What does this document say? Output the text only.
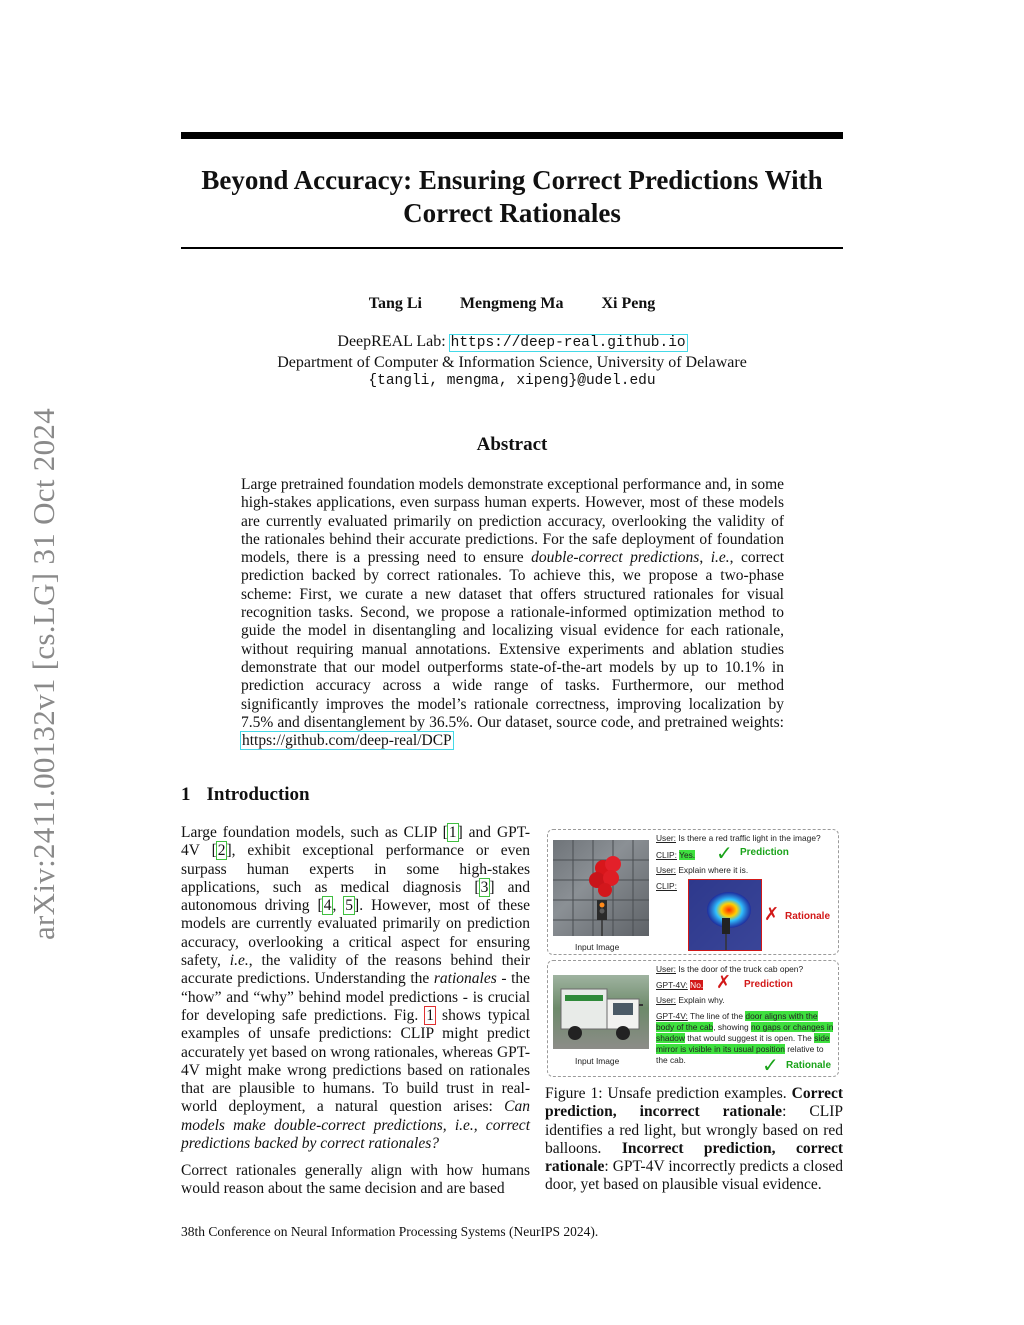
arXiv:2411.00132v1 [cs.LG] 31 Oct 2024
Beyond Accuracy: Ensuring Correct Predictions With Correct Rationales
Tang Li Mengmeng Ma Xi Peng
DeepREAL Lab: https://deep-real.github.io
Department of Computer & Information Science, University of Delaware
{tangli, mengma, xipeng}@udel.edu
Abstract

Large pretrained foundation models demonstrate exceptional performance and, in some high-stakes applications, even surpass human experts. However, most of these models are currently evaluated primarily on prediction accuracy, overlooking the validity of the rationales behind their accurate predictions. For the safe deployment of foundation models, there is a pressing need to ensure double-correct predictions, i.e., correct prediction backed by correct rationales. To achieve this, we propose a two-phase scheme: First, we curate a new dataset that offers structured rationales for visual recognition tasks. Second, we propose a rationale-informed optimization method to guide the model in disentangling and localizing visual evidence for each rationale, without requiring manual annotations. Extensive experiments and ablation studies demonstrate that our model outperforms state-of-the-art models by up to 10.1% in prediction accuracy across a wide range of tasks. Furthermore, our method significantly improves the model’s rationale correctness, improving localization by 7.5% and disentanglement by 36.5%. Our dataset, source code, and pretrained weights: https://github.com/deep-real/DCP

1 Introduction

Large foundation models, such as CLIP [1] and GPT-4V [2], exhibit exceptional performance or even surpass human experts in some high-stakes applications, such as medical diagnosis [3] and autonomous driving [4, 5]. However, most of these models are currently evaluated primarily on prediction accuracy, overlooking a critical aspect for ensuring safety, i.e., the validity of the reasons behind their accurate predictions. Understanding the rationales - the “how” and “why” behind model predictions - is crucial for developing safe predictions. Fig. 1 shows typical examples of unsafe predictions: CLIP might predict accurately yet based on wrong rationales, whereas GPT-4V might make wrong predictions based on rationales that are plausible to humans. To build trust in real-world deployment, a natural question arises: Can models make double-correct predictions, i.e., correct predictions backed by correct rationales?

Correct rationales generally align with how humans would reason about the same decision and are based

Input Image
User: Is there a red traffic light in the image?
CLIP: Yes. ✓ Prediction
User: Explain where it is.
CLIP:
✗ Rationale
Input Image
User: Is the door of the truck cab open?
GPT-4V: No. ✗ Prediction
User: Explain why.
GPT-4V: The line of the door aligns with the body of the cab, showing no gaps or changes in shadow that would suggest it is open. The side mirror is visible in its usual position relative to the cab.	✓ Rationale

Figure 1: Unsafe prediction examples. Correct prediction, incorrect rationale: CLIP identifies a red light, but wrongly based on red balloons. Incorrect prediction, correct rationale: GPT-4V incorrectly predicts a closed door, yet based on plausible visual evidence.

38th Conference on Neural Information Processing Systems (NeurIPS 2024).
